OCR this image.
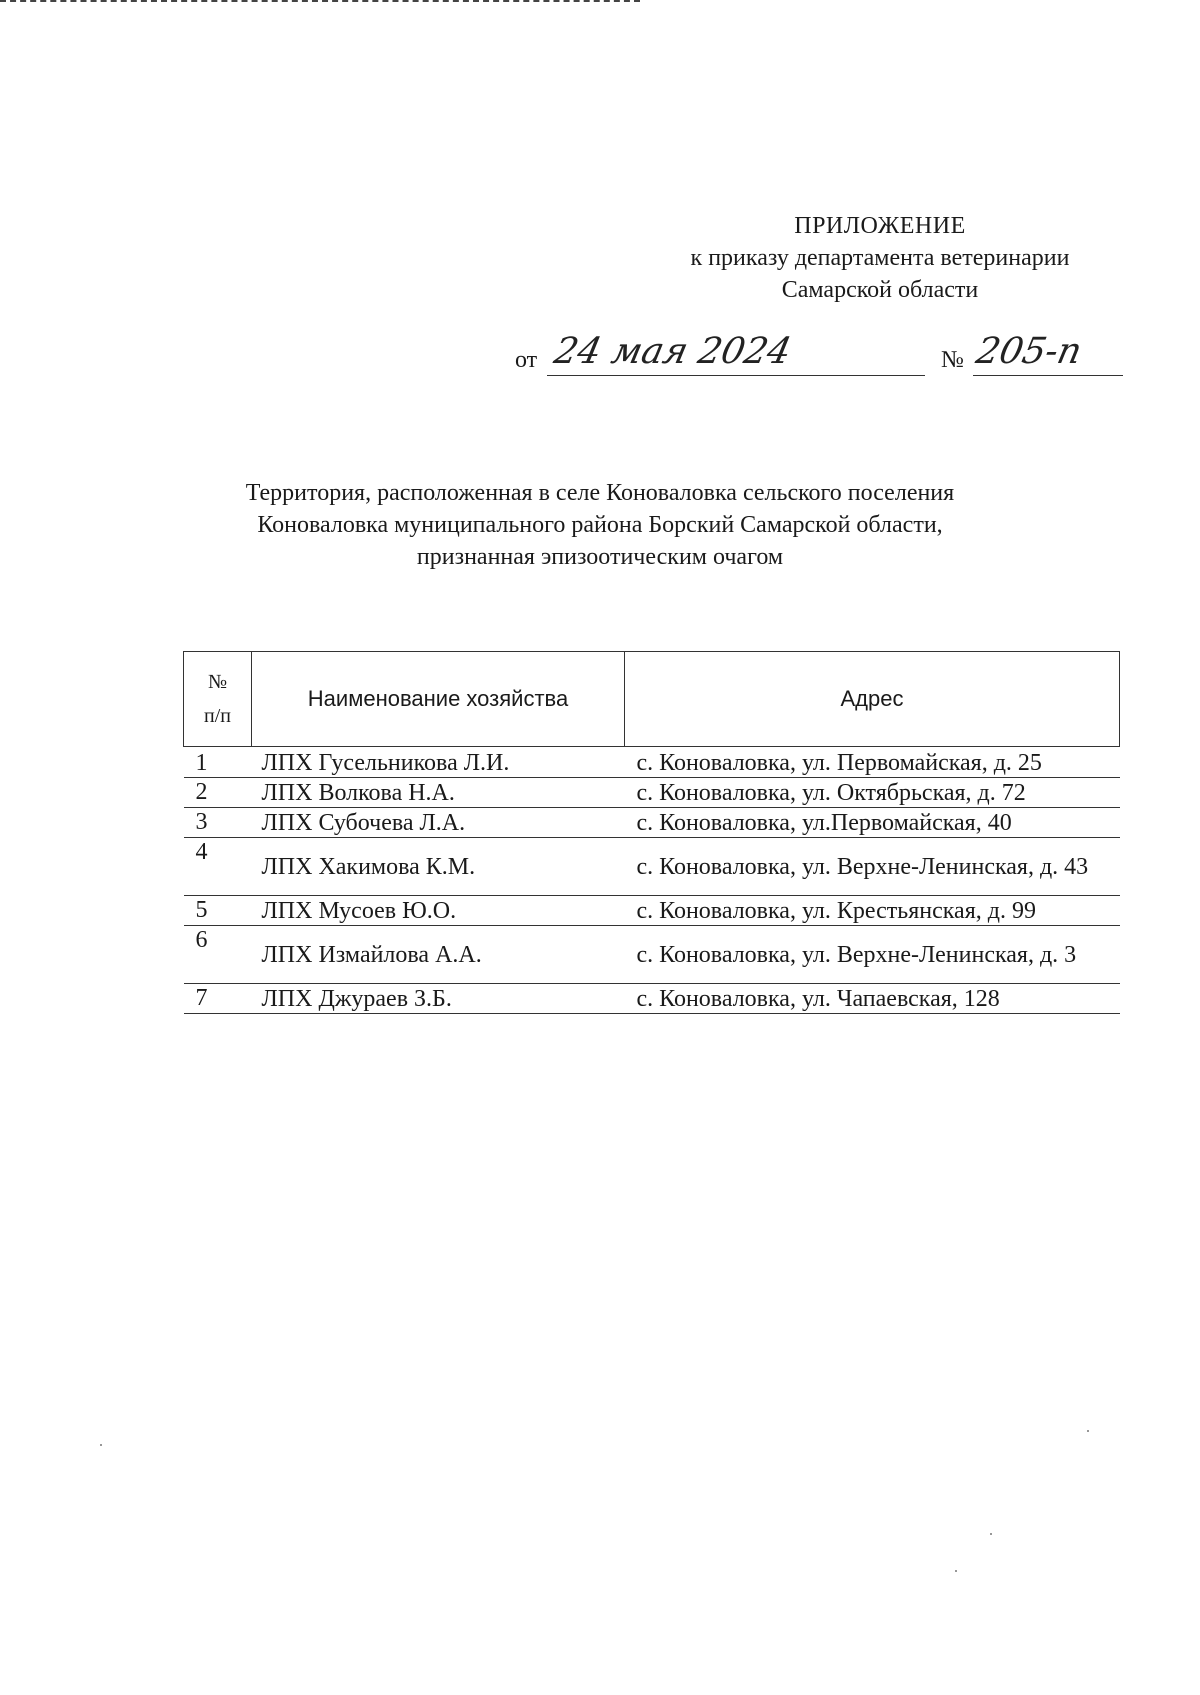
ПРИЛОЖЕНИЕ
к приказу департамента ветеринарии
Самарской области
от 24 мая 2024	№ 205-п
Территория, расположенная в селе Коноваловка сельского поселения
Коноваловка муниципального района Борский Самарской области,
признанная эпизоотическим очагом
№
п/п	Наименование хозяйства	Адрес
1	ЛПХ Гусельникова Л.И.	с. Коноваловка, ул. Первомайская, д. 25
2	ЛПХ Волкова Н.А.	с. Коноваловка, ул. Октябрьская, д. 72
3	ЛПХ Субочева Л.А.	с. Коноваловка, ул.Первомайская, 40
4	ЛПХ Хакимова К.М.	с. Коноваловка, ул. Верхне-Ленинская, д. 43
5	ЛПХ Мусоев Ю.О.	с. Коноваловка, ул. Крестьянская, д. 99
6	ЛПХ Измайлова А.А.	с. Коноваловка, ул. Верхне-Ленинская, д. 3
7	ЛПХ Джураев З.Б.	с. Коноваловка, ул. Чапаевская, 128
